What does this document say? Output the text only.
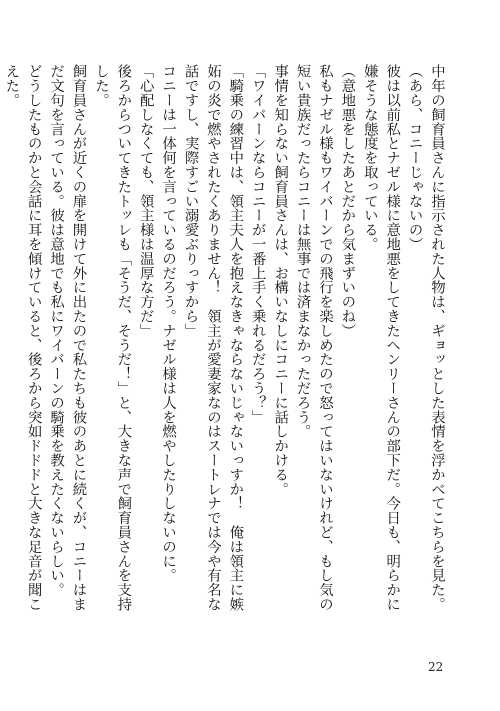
中年の飼育員さんに指示された人物は、ギョッとした表情を浮かべてこちらを見た。

（あら、コニーじゃないの）

彼は以前私とナゼル様に意地悪をしてきたヘンリーさんの部下だ。今日も、明らかに嫌そうな態度を取っている。

（意地悪をしたあとだから気まずいのね）

私もナゼル様もワイバーンでの飛行を楽しめたので怒ってはいないけれど、もし気の短い貴族だったらコニーは無事では済まなかっただろう。

事情を知らない飼育員さんは、お構いなしにコニーに話しかける。

「ワイバーンならコニーが一番上手く乗れるだろう？」

「騎乗の練習中は、領主夫人を抱えなきゃならないじゃないっすか！　俺は領主に嫉妬の炎で燃やされたくありません！　領主が愛妻家なのはスートレナでは今や有名な話ですし、実際すごい溺愛ぶりっすから」

コニーは一体何を言っているのだろう。ナゼル様は人を燃やしたりしないのに。

「心配しなくても、領主様は温厚な方だ」

後ろからついてきたトッレも「そうだ、そうだ！」と、大きな声で飼育員さんを支持した。

飼育員さんが近くの扉を開けて外に出たので私たちも彼のあとに続くが、コニーはまだ文句を言っている。彼は意地でも私にワイバーンの騎乗を教えたくないらしい。

どうしたものかと会話に耳を傾けていると、後ろから突如ドドドと大きな足音が聞こえた。

22
